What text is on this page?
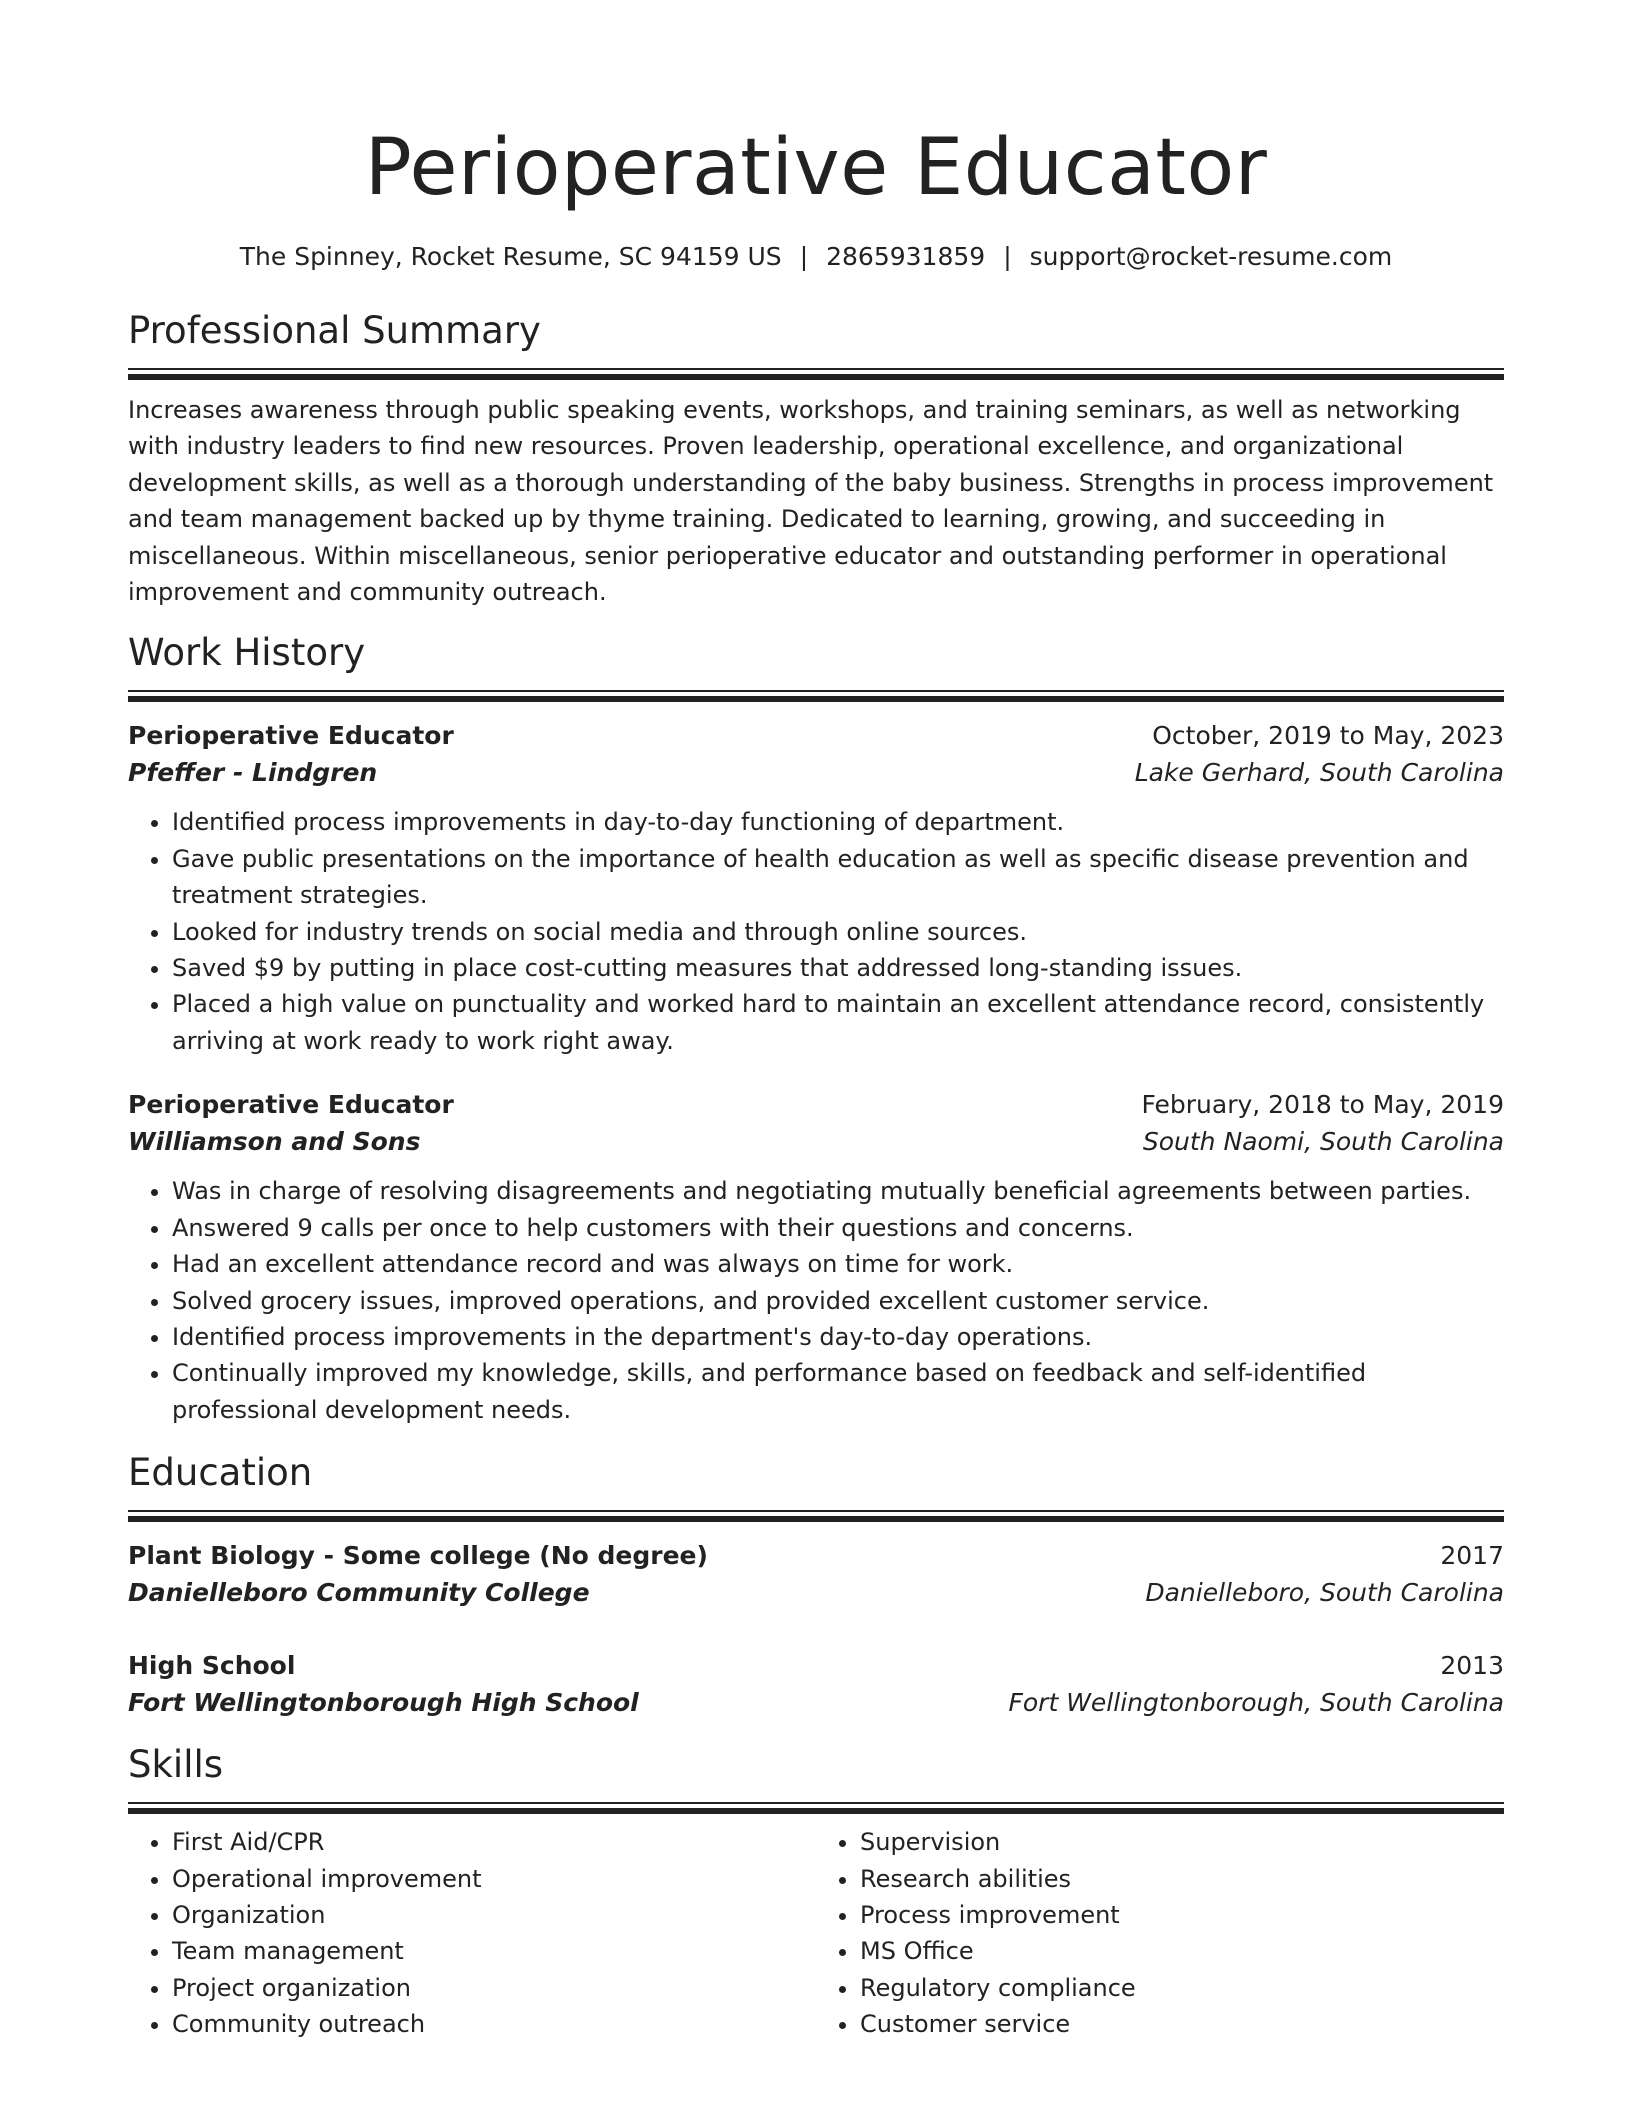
Perioperative Educator
The Spinney, Rocket Resume, SC 94159 US | 2865931859 | support@rocket-resume.com
Professional Summary
Increases awareness through public speaking events, workshops, and training seminars, as well as networking with industry leaders to find new resources. Proven leadership, operational excellence, and organizational development skills, as well as a thorough understanding of the baby business. Strengths in process improvement and team management backed up by thyme training. Dedicated to learning, growing, and succeeding in miscellaneous. Within miscellaneous, senior perioperative educator and outstanding performer in operational improvement and community outreach.
Work History
Perioperative Educator	October, 2019 to May, 2023
Pfeffer - Lindgren	Lake Gerhard, South Carolina
• Identified process improvements in day-to-day functioning of department.
• Gave public presentations on the importance of health education as well as specific disease prevention and treatment strategies.
• Looked for industry trends on social media and through online sources.
• Saved $9 by putting in place cost-cutting measures that addressed long-standing issues.
• Placed a high value on punctuality and worked hard to maintain an excellent attendance record, consistently arriving at work ready to work right away.
Perioperative Educator	February, 2018 to May, 2019
Williamson and Sons	South Naomi, South Carolina
• Was in charge of resolving disagreements and negotiating mutually beneficial agreements between parties.
• Answered 9 calls per once to help customers with their questions and concerns.
• Had an excellent attendance record and was always on time for work.
• Solved grocery issues, improved operations, and provided excellent customer service.
• Identified process improvements in the department's day-to-day operations.
• Continually improved my knowledge, skills, and performance based on feedback and self-identified professional development needs.
Education
Plant Biology - Some college (No degree)	2017
Danielleboro Community College	Danielleboro, South Carolina
High School	2013
Fort Wellingtonborough High School	Fort Wellingtonborough, South Carolina
Skills
• First Aid/CPR
• Operational improvement
• Organization
• Team management
• Project organization
• Community outreach
• Supervision
• Research abilities
• Process improvement
• MS Office
• Regulatory compliance
• Customer service
